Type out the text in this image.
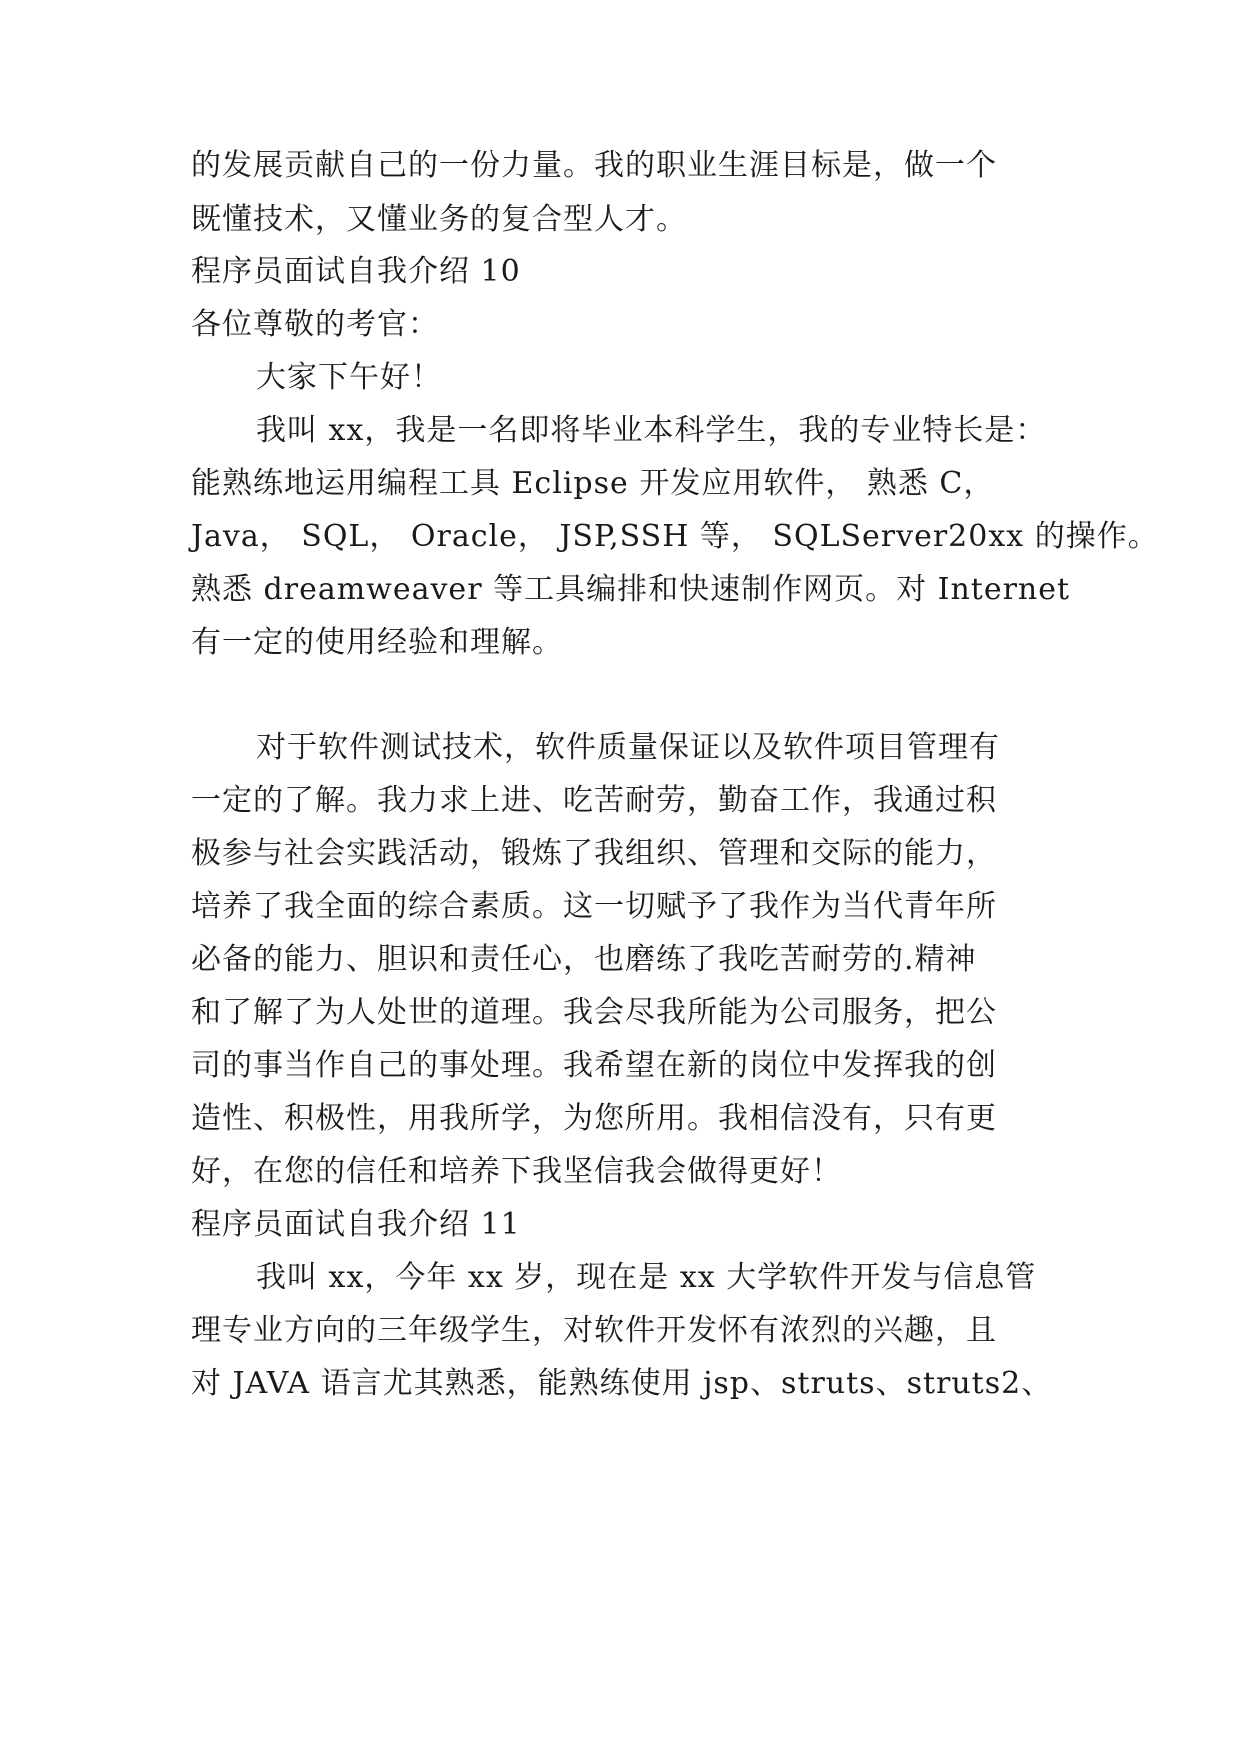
的发展贡献自己的一份力量。我的职业生涯目标是，做一个
既懂技术，又懂业务的复合型人才。
程序员面试自我介绍 10
各位尊敬的考官：
大家下午好！
我叫 xx，我是一名即将毕业本科学生，我的专业特长是：
能熟练地运用编程工具 Eclipse 开发应用软件， 熟悉 C，
Java， SQL， Oracle， JSP,SSH 等， SQLServer20xx 的操作。
熟悉 dreamweaver 等工具编排和快速制作网页。对 Internet
有一定的使用经验和理解。
对于软件测试技术，软件质量保证以及软件项目管理有
一定的了解。我力求上进、吃苦耐劳，勤奋工作，我通过积
极参与社会实践活动，锻炼了我组织、管理和交际的能力，
培养了我全面的综合素质。这一切赋予了我作为当代青年所
必备的能力、胆识和责任心，也磨练了我吃苦耐劳的.精神
和了解了为人处世的道理。我会尽我所能为公司服务，把公
司的事当作自己的事处理。我希望在新的岗位中发挥我的创
造性、积极性，用我所学，为您所用。我相信没有，只有更
好，在您的信任和培养下我坚信我会做得更好！
程序员面试自我介绍 11
我叫 xx，今年 xx 岁，现在是 xx 大学软件开发与信息管
理专业方向的三年级学生，对软件开发怀有浓烈的兴趣，且
对 JAVA 语言尤其熟悉，能熟练使用 jsp、struts、struts2、
